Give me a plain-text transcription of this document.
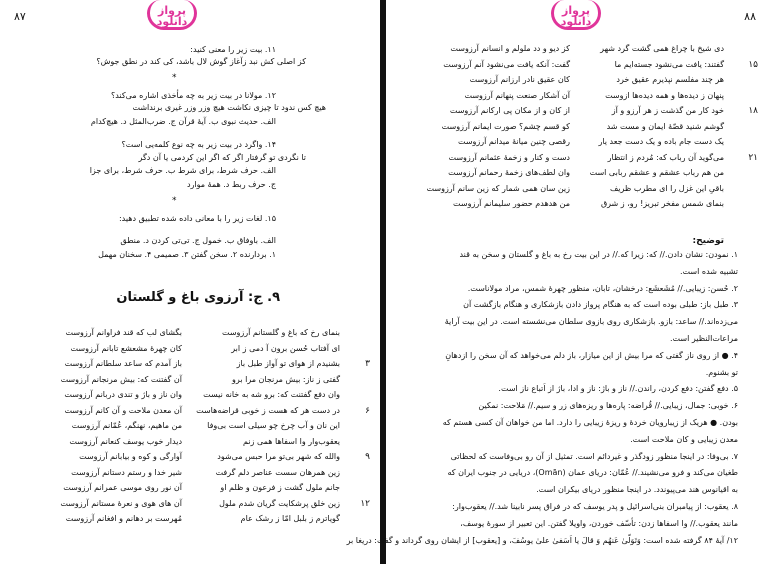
۸۷	پرواز دانلود
۱۱. بیت زیر را معنی کنید:
کز اصلی کش نبد زآغاز گوش لال باشد، کی کند در نطق جوش؟
*
۱۲. مولانا در بیت زیر به چه مأخذی اشاره می‌کند؟
هیچ کس ندود تا چیزی نکاشت هیچ وزر وزر غیری برنداشت
الف. حدیث نبوی ب. آیهٔ قرآن ج. ضرب‌المثل د. هیچ‌کدام
۱۴. واگرد در بیت زیر به چه نوع کلمه‌یی است؟
تا نگردی تو گرفتار اگر که اگر این کردمی یا آن دگر
الف. حرف شرط، برای شرط ب. حرف شرط، برای جزا
ج. حرف ربط د. همهٔ موارد
*
۱۵. لغات زیر را با معانی داده شده تطبیق دهید:
الف. باوفاق ب. خمول ج. تی‌تی کردن د. منطق
۱. بردارنده ۲. سخن گفتن ۳. صمیمی ۴. سخنان مهمل
۹. ج: آرزوی باغ و گلستان
بنمای رخ که باغ و گلستانم آرزوست
بگشای لب که قند فراوانم آرزوست
ای آفتاب حُسن برون آ دمی ز ابر
کان چهرهٔ مشعشع تابانم آرزوست
بشنیدم از هوای تو آواز طبل باز
باز آمدم که ساعد سلطانم آرزوست	۳
گفتی ز ناز: بیش مرنجان مرا برو
آن گفتنت که: بیش مرنجانم آرزوست
وان دفع گفتنت که: برو شه به خانه نیست
وان ناز و باژ و تندی دربانم آرزوست
در دست هر که هست ز خوبی قراضه‌هاست
آن معدن ملاحت و آن کانم آرزوست	۶
این نان و آب چرخ چو سیلی است بی‌وفا
من ماهیم، نهنگم، عُمّانم آرزوست
یعقوب‌وار وا اسفاها همی زنم
دیدار خوب یوسف کنعانم آرزوست
والله که شهر بی‌تو مرا حبس می‌شود
آوارگی و کوه و بیابانم آرزوست	۹
زین همرهان سست عناصر دلم گرفت
شیر خدا و رستم دستانم آرزوست
جانم ملول گشت ز فرعون و ظلم او
آن نور روی موسی عمرانم آرزوست
زین خلق پرشکایت گریان شدم ملول
آن های هوی و نعرهٔ مستانم آرزوست	۱۲
گویاترم ز بلبل امّا ز رشک عام
مُهرست بر دهانم و افغانم آرزوست
۸۸
پرواز دانلود
دی شیخ با چراغ همی گشت گرد شهر
کز دیو و دد ملولم و انسانم آرزوست
گفتند: یافت می‌نشود جسته‌ایم ما
گفت: آنکه یافت می‌نشود آنم آرزوست	۱۵
هر چند مفلسم نپذیرم عقیق خرد
کان عقیق نادر ارزانم آرزوست
پنهان ز دیده‌ها و همه دیده‌ها ازوست
آن آشکار صنعت پنهانم آرزوست
خود کار من گذشت ز هر آرزو و آز
از کان و از مکان پی ارکانم آرزوست	۱۸
گوشم شنید قصّهٔ ایمان و مست شد
کو قسم چشم؟ صورت ایمانم آرزوست
یک دست جام باده و یک دست جعد یار
رقصی چنین میانهٔ میدانم آرزوست
می‌گوید آن رباب که: مُردم ز انتظار
دست و کنار و زخمهٔ عثمانم آرزوست	۲۱
من هم رباب عشقم و عشقم ربابی است
وان لطف‌های زخمهٔ رحمانم آرزوست
باقیِ این غزل را ای مطرب ظریف
زین سان همی شمار که زین سانم آرزوست
بنمای شمس مفخر تبریز! رو، ز شرق
من هدهدم حضور سلیمانم آرزوست
توضیح:
۱. نمودن: نشان دادن.// که: زیرا که.// در این بیت رخ به باغ و گلستان و سخن به قند
تشبیه شده است.
۲. حُسن: زیبایی.// مُشَعشَع: درخشان، تابان، منظور چهرهٔ شمس، مراد مولاناست.
۳. طبل باز: طبلی بوده است که به هنگام پرواز دادن بازشکاری و هنگام بازگشت آن
می‌زده‌اند.// ساعد: بازو. بازشکاری روی بازوی سلطان می‌نشسته است. در این بیت آرایهٔ
مراعات‌النظیر است.
۴. ● از روی ناز گفتی که مرا بیش از این میازار، باز دلم می‌خواهد که آن سخن را ازدهانِ
تو بشنوم.
۵. دفع گفتن: دفع کردن، راندن.// ناز و باژ: ناز و ادا، باژ از اَتباع ناز است.
۶. خوبی: جمال، زیبایی.// قُراضه: پاره‌ها و ریزه‌های زر و سیم.// مَلاحت: نمکین
بودن. ● هریک از زیبارویان خردۀ و ریزۀ زیبایی را دارد. اما من خواهان آن کسی هستم که
معدن زیبایی و کان ملاحت است.
۷. بی‌وفا: در اینجا منظور زودگذر و غیردائم است. تمثیل از آن رو بی‌وفاست که لحظاتی
طغیان می‌کند و فرو می‌نشیند.// عُمّان: دریای عمان (Omān)، دریایی در جنوب ایران که
به اقیانوس هند می‌پیوندد. در اینجا منظور دریای بیکران است.
۸. یعقوب: از پیامبران بنی‌اسرائیل و پدر یوسف که در فراق پسر نابینا شد.// یعقوب‌وار:
مانند یعقوب.// وا اسفاها زدن: تأسّف خوردن، واویلا گفتن. این تعبیر از سورهٔ یوسف،
۱۲/ آیهٔ ۸۴ گرفته شده است: وَتَوَلّیٰ عَنهُم وَ قالَ یا اَسَفیٰ علیٰ یوسُفَ، و [یعقوب] از ایشان روی گرداند و گفت: دریغا بر
